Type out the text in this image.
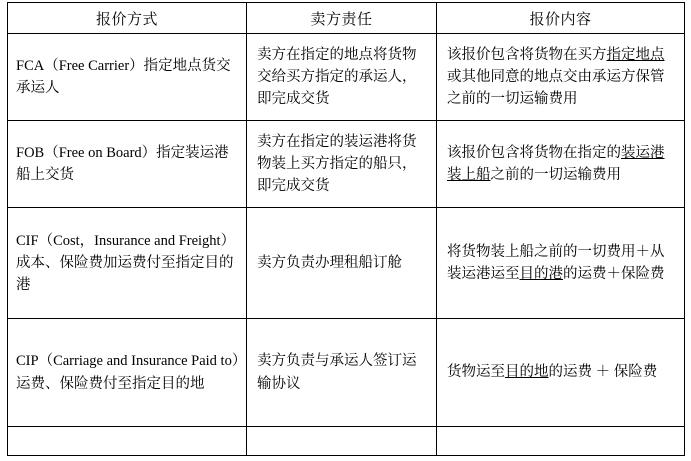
报价方式	卖方责任	报价内容

FCA（Free Carrier）指定地点货交承运人	卖方在指定的地点将货物交给买方指定的承运人，即完成交货	该报价包含将货物在买方指定地点或其他同意的地点交由承运方保管之前的一切运输费用

FOB（Free on Board）指定装运港船上交货	卖方在指定的装运港将货物装上买方指定的船只，即完成交货	该报价包含将货物在指定的装运港装上船之前的一切运输费用

CIF（Cost，Insurance and Freight）成本、保险费加运费付至指定目的港	卖方负责办理租船订舱	将货物装上船之前的一切费用＋从装运港运至目的港的运费＋保险费

CIP（Carriage and Insurance Paid to）运费、保险费付至指定目的地	卖方负责与承运人签订运输协议	货物运至目的地的运费 ＋ 保险费
